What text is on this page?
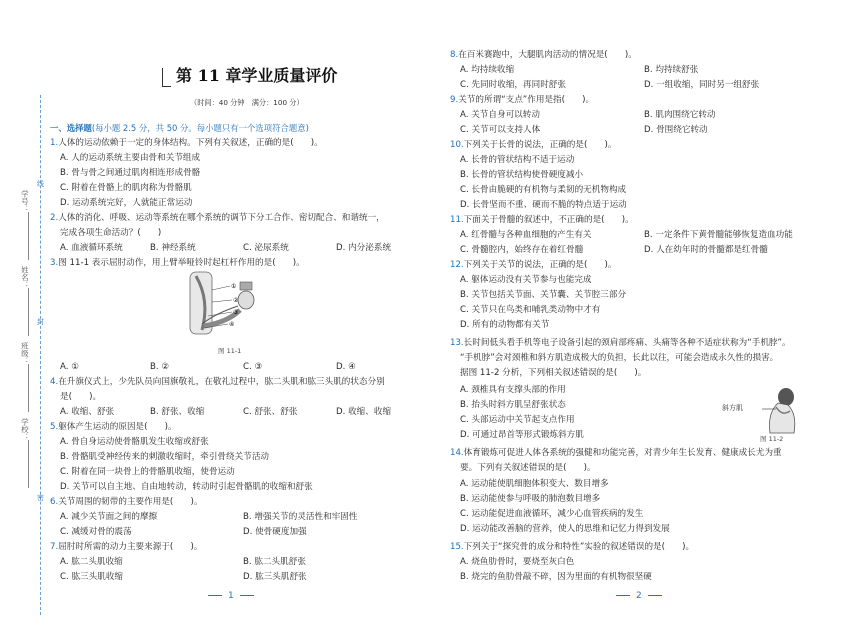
学号：
姓名：
班级：
学校：
线
封
密
第 11 章学业质量评价
（时间：40 分钟　满分：100 分）
一、选择题(每小题 2.5 分，共 50 分。每小题只有一个选项符合题意)
1.人体的运动依赖于一定的身体结构。下列有关叙述，正确的是(　　)。
A. 人的运动系统主要由骨和关节组成
B. 骨与骨之间通过肌肉相连形成骨骼
C. 附着在骨骼上的肌肉称为骨骼肌
D. 运动系统完好，人就能正常运动
2.人体的消化、呼吸、运动等系统在哪个系统的调节下分工合作、密切配合、和谐统一，
完成各项生命活动？(　　)
A. 血液循环系统	B. 神经系统	C. 泌尿系统	D. 内分泌系统
3.图 11-1 表示屈肘动作，用上臂举哑铃时起杠杆作用的是(　　)。
①
②
③
④
图 11-1
A. ①	B. ②	C. ③	D. ④
4.在升旗仪式上，少先队员向国旗敬礼，在敬礼过程中，肱二头肌和肱三头肌的状态分别
是(　　)。
A. 收缩、舒张	B. 舒张、收缩	C. 舒张、舒张	D. 收缩、收缩
5.躯体产生运动的原因是(　　)。
A. 骨自身运动使骨骼肌发生收缩或舒张
B. 骨骼肌受神经传来的刺激收缩时，牵引骨绕关节活动
C. 附着在同一块骨上的骨骼肌收缩，使骨运动
D. 关节可以自主地、自由地转动，转动时引起骨骼肌的收缩和舒张
6.关节周围的韧带的主要作用是(　　)。
A. 减少关节面之间的摩擦	B. 增强关节的灵活性和牢固性
C. 减缓对骨的震荡	D. 使骨硬度加强
7.屈肘时所需的动力主要来源于(　　)。
A. 肱二头肌收缩	B. 肱二头肌舒张
C. 肱三头肌收缩	D. 肱三头肌舒张
1
8.在百米赛跑中，大腿肌肉活动的情况是(　　)。
A. 均持续收缩	B. 均持续舒张
C. 先同时收缩，再同时舒张	D. 一组收缩，同时另一组舒张
9.关节的所谓“支点”作用是指(　　)。
A. 关节自身可以转动	B. 肌肉围绕它转动
C. 关节可以支持人体	D. 骨围绕它转动
10.下列关于长骨的说法，正确的是(　　)。
A. 长骨的管状结构不适于运动
B. 长骨的管状结构使骨硬度减小
C. 长骨由脆硬的有机物与柔韧的无机物构成
D. 长骨坚而不重、硬而不脆的特点适于运动
11.下面关于骨髓的叙述中，不正确的是(　　)。
A. 红骨髓与各种血细胞的产生有关	B. 一定条件下黄骨髓能够恢复造血功能
C. 骨髓腔内，始终存在着红骨髓	D. 人在幼年时的骨髓都是红骨髓
12.下列关于关节的说法，正确的是(　　)。
A. 躯体运动没有关节参与也能完成
B. 关节包括关节面、关节囊、关节腔三部分
C. 关节只在鸟类和哺乳类动物中才有
D. 所有的动物都有关节
13.长时间低头看手机等电子设备引起的颈肩部疼痛、头痛等各种不适症状称为“手机脖”。
“手机脖”会对颈椎和斜方肌造成极大的负担，长此以往，可能会造成永久性的损害。
据图 11-2 分析，下列相关叙述错误的是(　　)。
A. 颈椎具有支撑头部的作用
B. 抬头时斜方肌呈舒张状态
C. 头部运动中关节起支点作用
D. 可通过昂首等形式锻炼斜方肌
斜方肌
图 11-2
14.体育锻炼可促进人体各系统的强健和功能完善，对青少年生长发育、健康成长尤为重
要。下列有关叙述错误的是(　　)。
A. 运动能使肌细胞体积变大、数目增多
B. 运动能使参与呼吸的肺泡数目增多
C. 运动能促进血液循环，减少心血管疾病的发生
D. 运动能改善脑的营养，使人的思维和记忆力得到发展
15.下列关于“探究骨的成分和特性”实验的叙述错误的是(　　)。
A. 烧鱼肋骨时，要烧至灰白色
B. 烧完的鱼肋骨敲不碎，因为里面的有机物很坚硬
2
